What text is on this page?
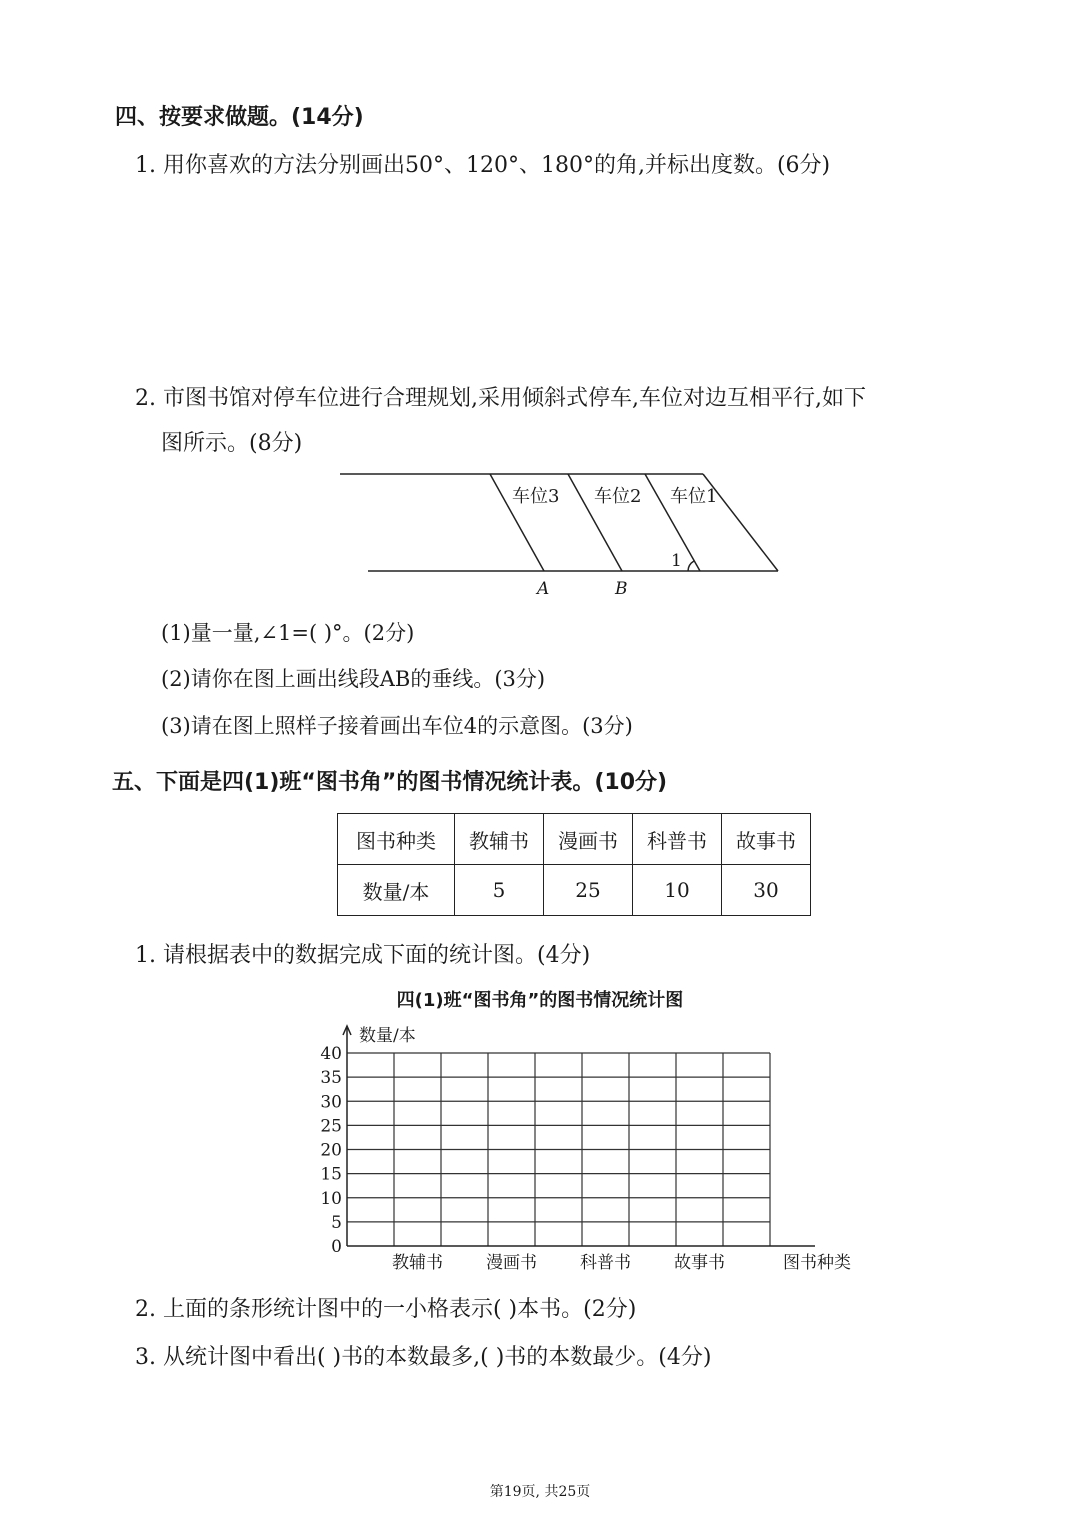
四、按要求做题。(14分)
1. 用你喜欢的方法分别画出50°、120°、180°的角,并标出度数。(6分)
2. 市图书馆对停车位进行合理规划,采用倾斜式停车,车位对边互相平行,如下
图所示。(8分)
车位3 车位2 车位1
1
A	B
(1)量一量,∠1=( )°。(2分)
(2)请你在图上画出线段AB的垂线。(3分)
(3)请在图上照样子接着画出车位4的示意图。(3分)
五、下面是四(1)班“图书角”的图书情况统计表。(10分)
图书种类	教辅书	漫画书	科普书	故事书
数量/本	5	25	10	30
1. 请根据表中的数据完成下面的统计图。(4分)
四(1)班“图书角”的图书情况统计图
0
5
10
15
20
25
30
35
40
数量/本
教辅书	漫画书	科普书	故事书	图书种类
2. 上面的条形统计图中的一小格表示( )本书。(2分)
3. 从统计图中看出( )书的本数最多,( )书的本数最少。(4分)
第19页, 共25页
